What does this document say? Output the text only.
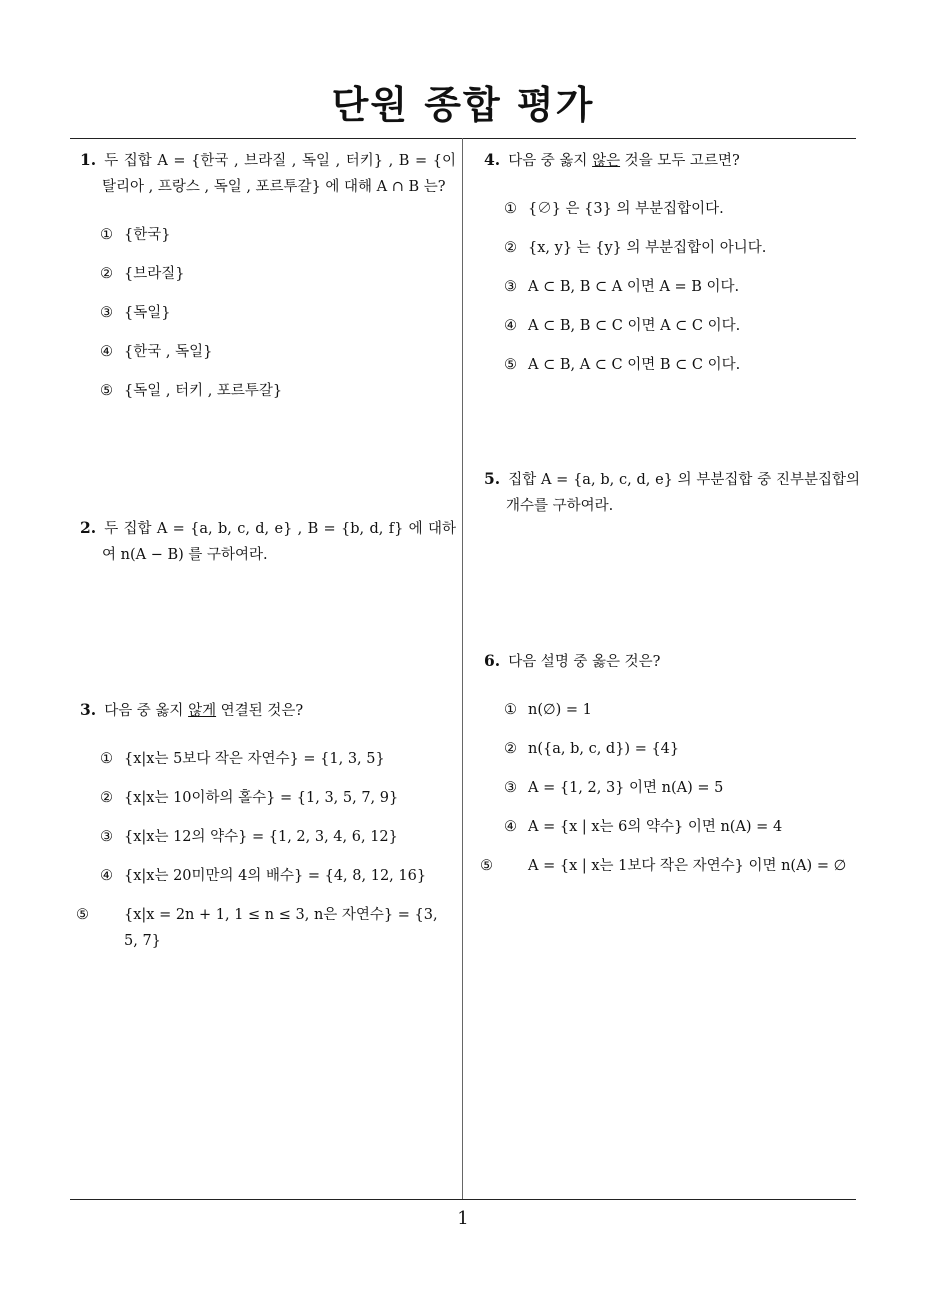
단원 종합 평가
1. 두 집합 A = {한국 , 브라질 , 독일 , 터키} , B = {이탈리아 , 프랑스 , 독일 , 포르투갈} 에 대해 A ∩ B 는?
① {한국}
② {브라질}
③ {독일}
④ {한국 , 독일}
⑤ {독일 , 터키 , 포르투갈}
2. 두 집합 A = {a, b, c, d, e} , B = {b, d, f} 에 대하여 n(A − B) 를 구하여라.
3. 다음 중 옳지 않게 연결된 것은?
① {x|x는 5보다 작은 자연수} = {1, 3, 5}
② {x|x는 10이하의 홀수} = {1, 3, 5, 7, 9}
③ {x|x는 12의 약수} = {1, 2, 3, 4, 6, 12}
④ {x|x는 20미만의 4의 배수} = {4, 8, 12, 16}
⑤ {x|x = 2n + 1, 1 ≤ n ≤ 3, n은 자연수} = {3, 5, 7}
4. 다음 중 옳지 않은 것을 모두 고르면?
① {∅} 은 {3} 의 부분집합이다.
② {x, y} 는 {y} 의 부분집합이 아니다.
③ A ⊂ B, B ⊂ A 이면 A = B 이다.
④ A ⊂ B, B ⊂ C 이면 A ⊂ C 이다.
⑤ A ⊂ B, A ⊂ C 이면 B ⊂ C 이다.
5. 집합 A = {a, b, c, d, e} 의 부분집합 중 진부분집합의 개수를 구하여라.
6. 다음 설명 중 옳은 것은?
① n(∅) = 1
② n({a, b, c, d}) = {4}
③ A = {1, 2, 3} 이면 n(A) = 5
④ A = {x | x는 6의 약수} 이면 n(A) = 4
⑤ A = {x | x는 1보다 작은 자연수} 이면 n(A) = ∅
1
